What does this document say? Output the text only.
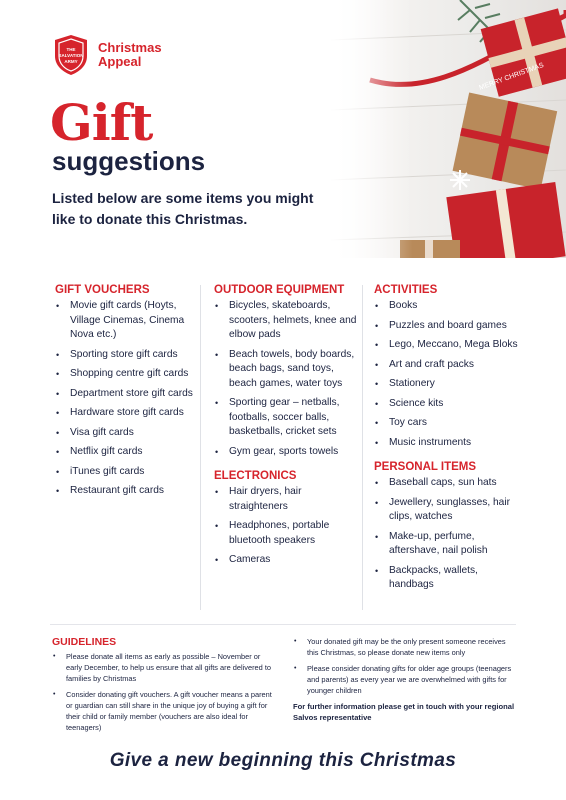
THE
SALVATION
ARMY
Christmas
Appeal
Gift
suggestions
Listed below are some items you might like to donate this Christmas.
GIFT VOUCHERS
• Movie gift cards (Hoyts, Village Cinemas, Cinema Nova etc.)
• Sporting store gift cards
• Shopping centre gift cards
• Department store gift cards
• Hardware store gift cards
• Visa gift cards
• Netflix gift cards
• iTunes gift cards
• Restaurant gift cards
OUTDOOR EQUIPMENT
• Bicycles, skateboards, scooters, helmets, knee and elbow pads
• Beach towels, body boards, beach bags, sand toys, beach games, water toys
• Sporting gear – netballs, footballs, soccer balls, basketballs, cricket sets
• Gym gear, sports towels
ELECTRONICS
• Hair dryers, hair straighteners
• Headphones, portable bluetooth speakers
• Cameras
ACTIVITIES
• Books
• Puzzles and board games
• Lego, Meccano, Mega Bloks
• Art and craft packs
• Stationery
• Science kits
• Toy cars
• Music instruments
PERSONAL ITEMS
• Baseball caps, sun hats
• Jewellery, sunglasses, hair clips, watches
• Make-up, perfume, aftershave, nail polish
• Backpacks, wallets, handbags
GUIDELINES
• Please donate all items as early as possible – November or early December, to help us ensure that all gifts are delivered to families by Christmas
• Consider donating gift vouchers. A gift voucher means a parent or guardian can still share in the unique joy of buying a gift for their child or family member (vouchers are also ideal for teenagers)
• Your donated gift may be the only present someone receives this Christmas, so please donate new items only
• Please consider donating gifts for older age groups (teenagers and parents) as every year we are overwhelmed with gifts for younger children
For further information please get in touch with your regional Salvos representative
Give a new beginning this Christmas
